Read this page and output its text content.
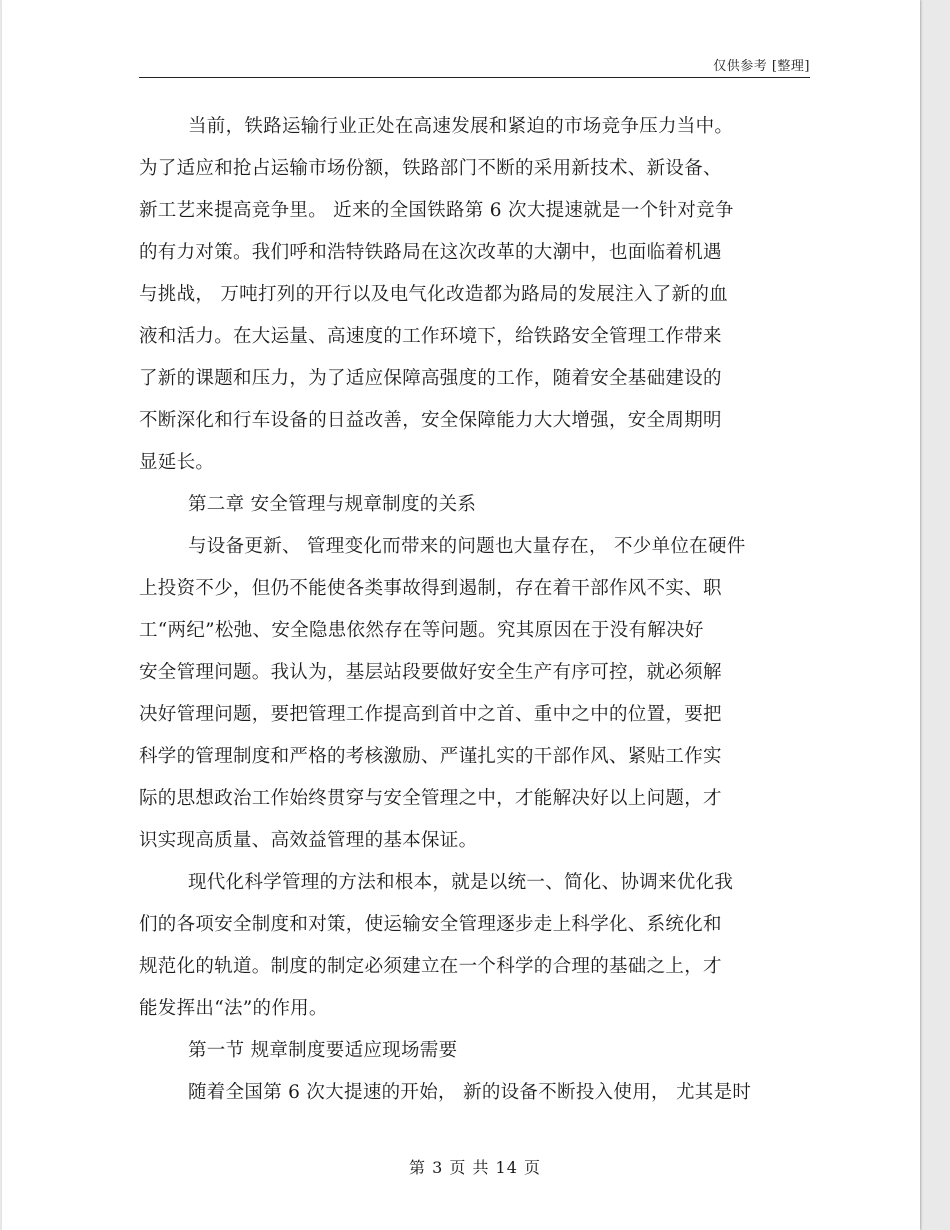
仅供参考 [整理]
当前，铁路运输行业正处在高速发展和紧迫的市场竞争压力当中。
为了适应和抢占运输市场份额，铁路部门不断的采用新技术、新设备、
新工艺来提高竞争里。 近来的全国铁路第 6 次大提速就是一个针对竞争
的有力对策。我们呼和浩特铁路局在这次改革的大潮中，也面临着机遇
与挑战， 万吨打列的开行以及电气化改造都为路局的发展注入了新的血
液和活力。在大运量、高速度的工作环境下，给铁路安全管理工作带来
了新的课题和压力，为了适应保障高强度的工作，随着安全基础建设的
不断深化和行车设备的日益改善，安全保障能力大大增强，安全周期明
显延长。
第二章 安全管理与规章制度的关系
与设备更新、 管理变化而带来的问题也大量存在， 不少单位在硬件
上投资不少，但仍不能使各类事故得到遏制，存在着干部作风不实、职
工“两纪”松弛、安全隐患依然存在等问题。究其原因在于没有解决好
安全管理问题。我认为，基层站段要做好安全生产有序可控，就必须解
决好管理问题，要把管理工作提高到首中之首、重中之中的位置，要把
科学的管理制度和严格的考核激励、严谨扎实的干部作风、紧贴工作实
际的思想政治工作始终贯穿与安全管理之中，才能解决好以上问题，才
识实现高质量、高效益管理的基本保证。
现代化科学管理的方法和根本，就是以统一、简化、协调来优化我
们的各项安全制度和对策，使运输安全管理逐步走上科学化、系统化和
规范化的轨道。制度的制定必须建立在一个科学的合理的基础之上，才
能发挥出“法”的作用。
第一节 规章制度要适应现场需要
随着全国第 6 次大提速的开始， 新的设备不断投入使用， 尤其是时
第 3 页 共 14 页
